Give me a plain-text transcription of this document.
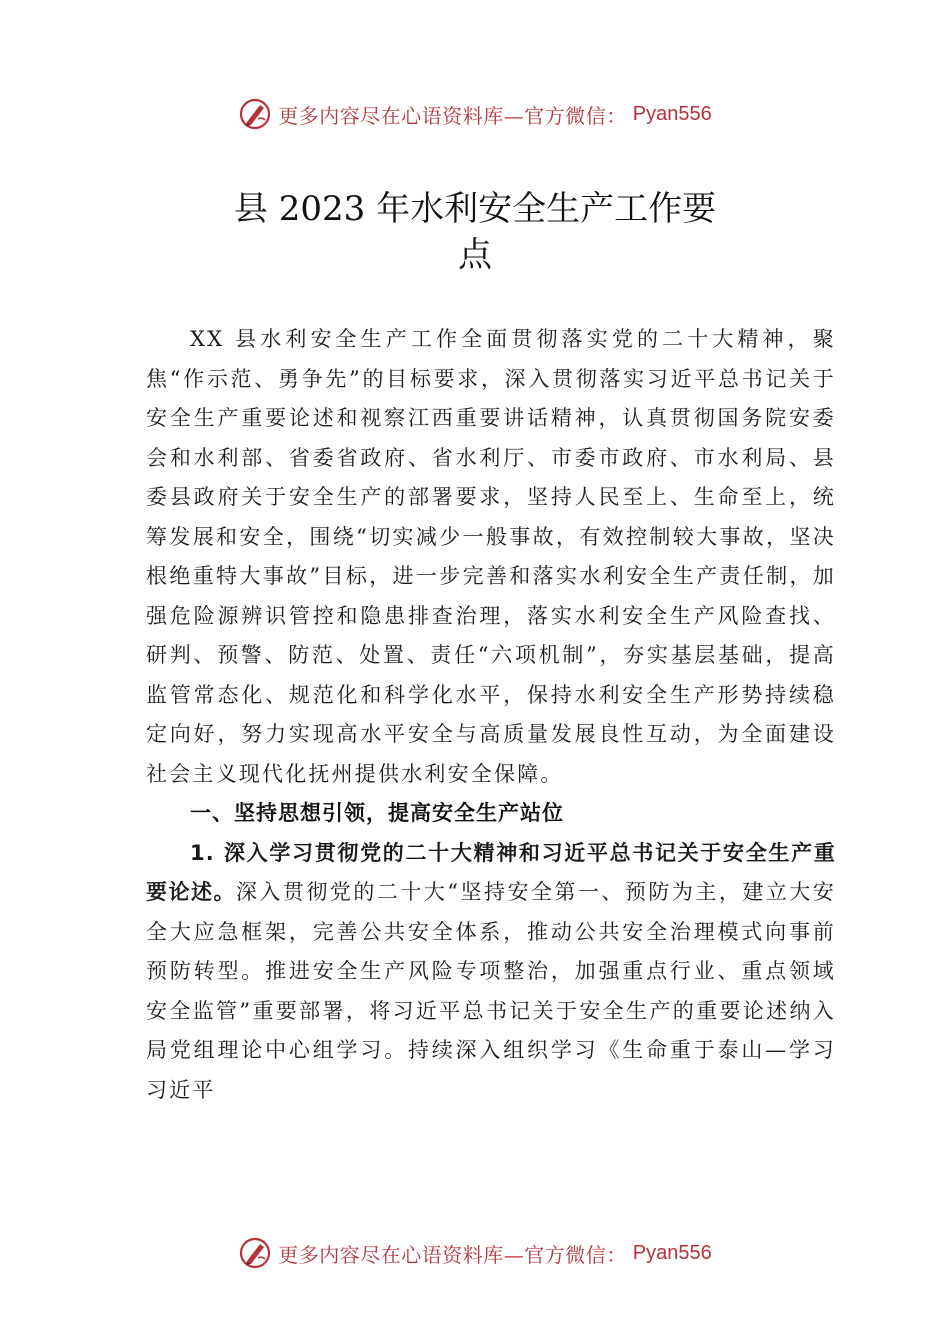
更多内容尽在心语资料库—官方微信： Pyan556
县 2023 年水利安全生产工作要
点

XX 县水利安全生产工作全面贯彻落实党的二十大精神，聚焦“作示范、勇争先”的目标要求，深入贯彻落实习近平总书记关于安全生产重要论述和视察江西重要讲话精神，认真贯彻国务院安委会和水利部、省委省政府、省水利厅、市委市政府、市水利局、县委县政府关于安全生产的部署要求，坚持人民至上、生命至上，统筹发展和安全，围绕“切实减少一般事故，有效控制较大事故，坚决根绝重特大事故”目标，进一步完善和落实水利安全生产责任制，加强危险源辨识管控和隐患排查治理，落实水利安全生产风险查找、研判、预警、防范、处置、责任“六项机制”，夯实基层基础，提高监管常态化、规范化和科学化水平，保持水利安全生产形势持续稳定向好，努力实现高水平安全与高质量发展良性互动，为全面建设社会主义现代化抚州提供水利安全保障。

一、坚持思想引领，提高安全生产站位

1. 深入学习贯彻党的二十大精神和习近平总书记关于安全生产重要论述。深入贯彻党的二十大“坚持安全第一、预防为主，建立大安全大应急框架，完善公共安全体系，推动公共安全治理模式向事前预防转型。推进安全生产风险专项整治，加强重点行业、重点领域安全监管”重要部署，将习近平总书记关于安全生产的重要论述纳入局党组理论中心组学习。持续深入组织学习《生命重于泰山—学习习近平

更多内容尽在心语资料库—官方微信： Pyan556
